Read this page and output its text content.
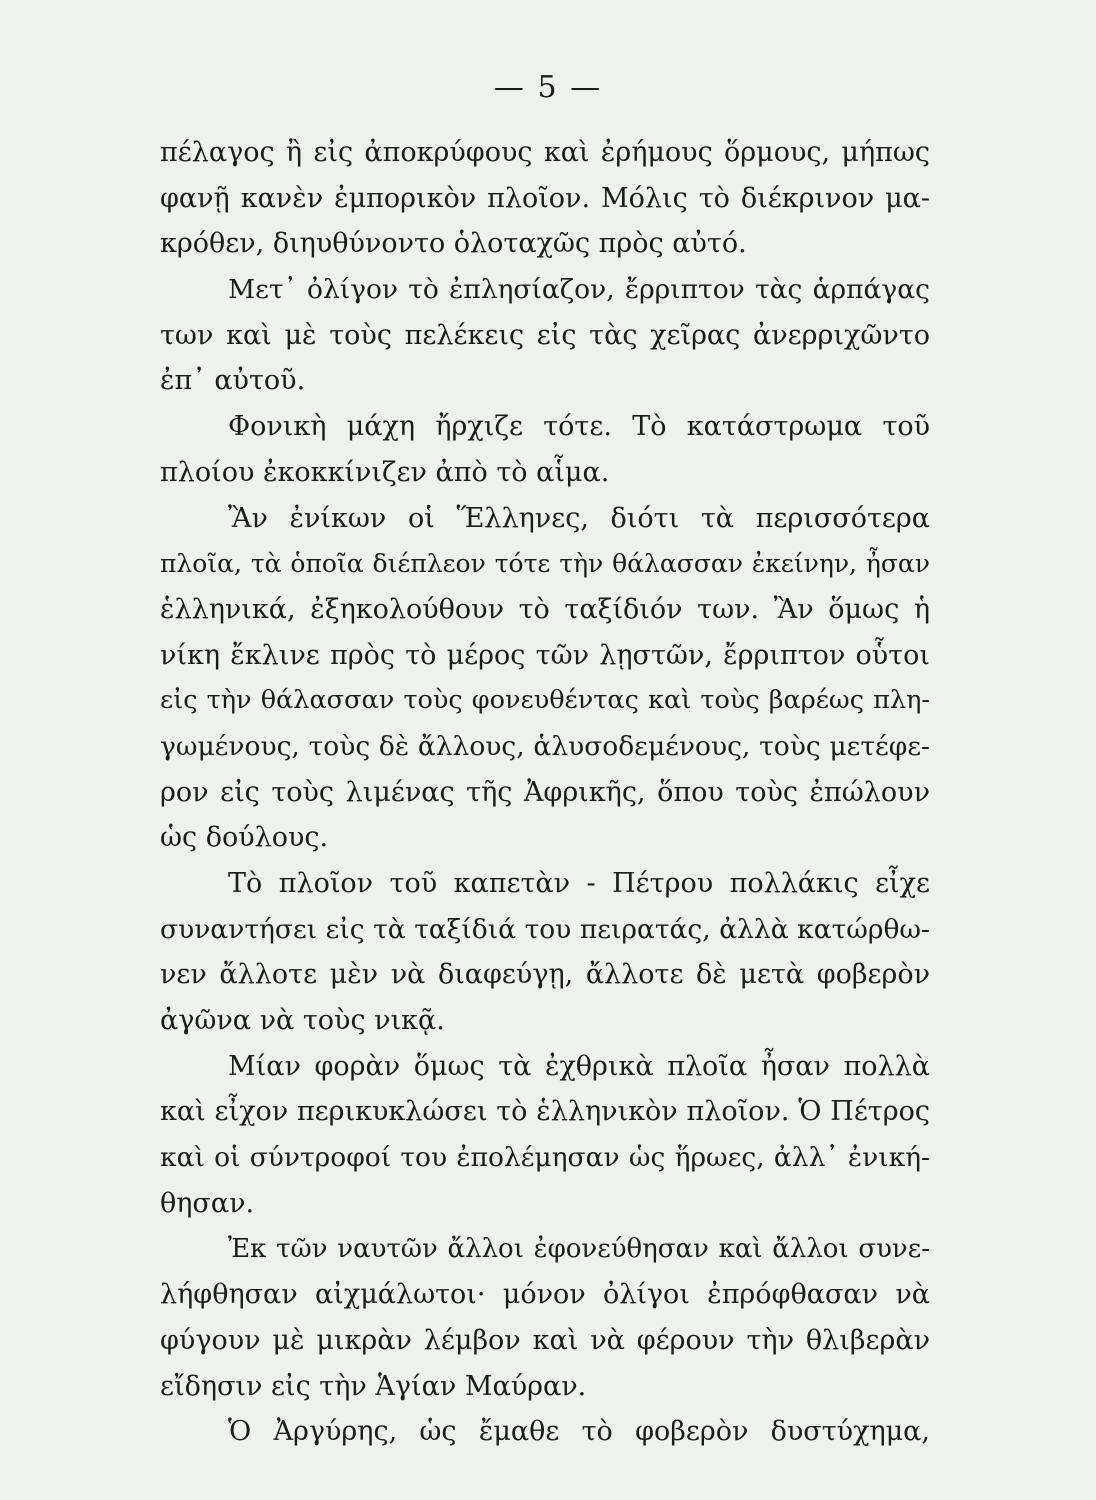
— 5 —
πέλαγος ἢ εἰς ἀποκρύφους καὶ ἐρήμους ὅρμους, μήπως
φανῇ κανὲν ἐμπορικὸν πλοῖον. Μόλις τὸ διέκρινον μα-
κρόθεν, διηυθύνοντο ὁλοταχῶς πρὸς αὐτό.
Μετ᾽ ὀλίγον τὸ ἐπλησίαζον, ἔρριπτον τὰς ἁρπάγας
των καὶ μὲ τοὺς πελέκεις εἰς τὰς χεῖρας ἀνερριχῶντο
ἐπ᾽ αὐτοῦ.
Φονικὴ μάχη ἤρχιζε τότε. Τὸ κατάστρωμα τοῦ
πλοίου ἐκοκκίνιζεν ἀπὸ τὸ αἷμα.
Ἂν ἐνίκων οἱ Ἕλληνες, διότι τὰ περισσότερα
πλοῖα, τὰ ὁποῖα διέπλεον τότε τὴν θάλασσαν ἐκείνην, ἦσαν
ἑλληνικά, ἐξηκολούθουν τὸ ταξίδιόν των. Ἂν ὅμως ἡ
νίκη ἔκλινε πρὸς τὸ μέρος τῶν λῃστῶν, ἔρριπτον οὗτοι
εἰς τὴν θάλασσαν τοὺς φονευθέντας καὶ τοὺς βαρέως πλη-
γωμένους, τοὺς δὲ ἄλλους, ἁλυσοδεμένους, τοὺς μετέφε-
ρον εἰς τοὺς λιμένας τῆς Ἀφρικῆς, ὅπου τοὺς ἐπώλουν
ὡς δούλους.
Τὸ πλοῖον τοῦ καπετὰν - Πέτρου πολλάκις εἶχε
συναντήσει εἰς τὰ ταξίδιά του πειρατάς, ἀλλὰ κατώρθω-
νεν ἄλλοτε μὲν νὰ διαφεύγῃ, ἄλλοτε δὲ μετὰ φοβερὸν
ἀγῶνα νὰ τοὺς νικᾷ.
Μίαν φορὰν ὅμως τὰ ἐχθρικὰ πλοῖα ἦσαν πολλὰ
καὶ εἶχον περικυκλώσει τὸ ἑλληνικὸν πλοῖον. Ὁ Πέτρος
καὶ οἱ σύντροφοί του ἐπολέμησαν ὡς ἥρωες, ἀλλ᾽ ἐνική-
θησαν.
Ἐκ τῶν ναυτῶν ἄλλοι ἐφονεύθησαν καὶ ἄλλοι συνε-
λήφθησαν αἰχμάλωτοι· μόνον ὀλίγοι ἐπρόφθασαν νὰ
φύγουν μὲ μικρὰν λέμβον καὶ νὰ φέρουν τὴν θλιβερὰν
εἴδησιν εἰς τὴν Ἁγίαν Μαύραν.
Ὁ Ἀργύρης, ὡς ἔμαθε τὸ φοβερὸν δυστύχημα,
